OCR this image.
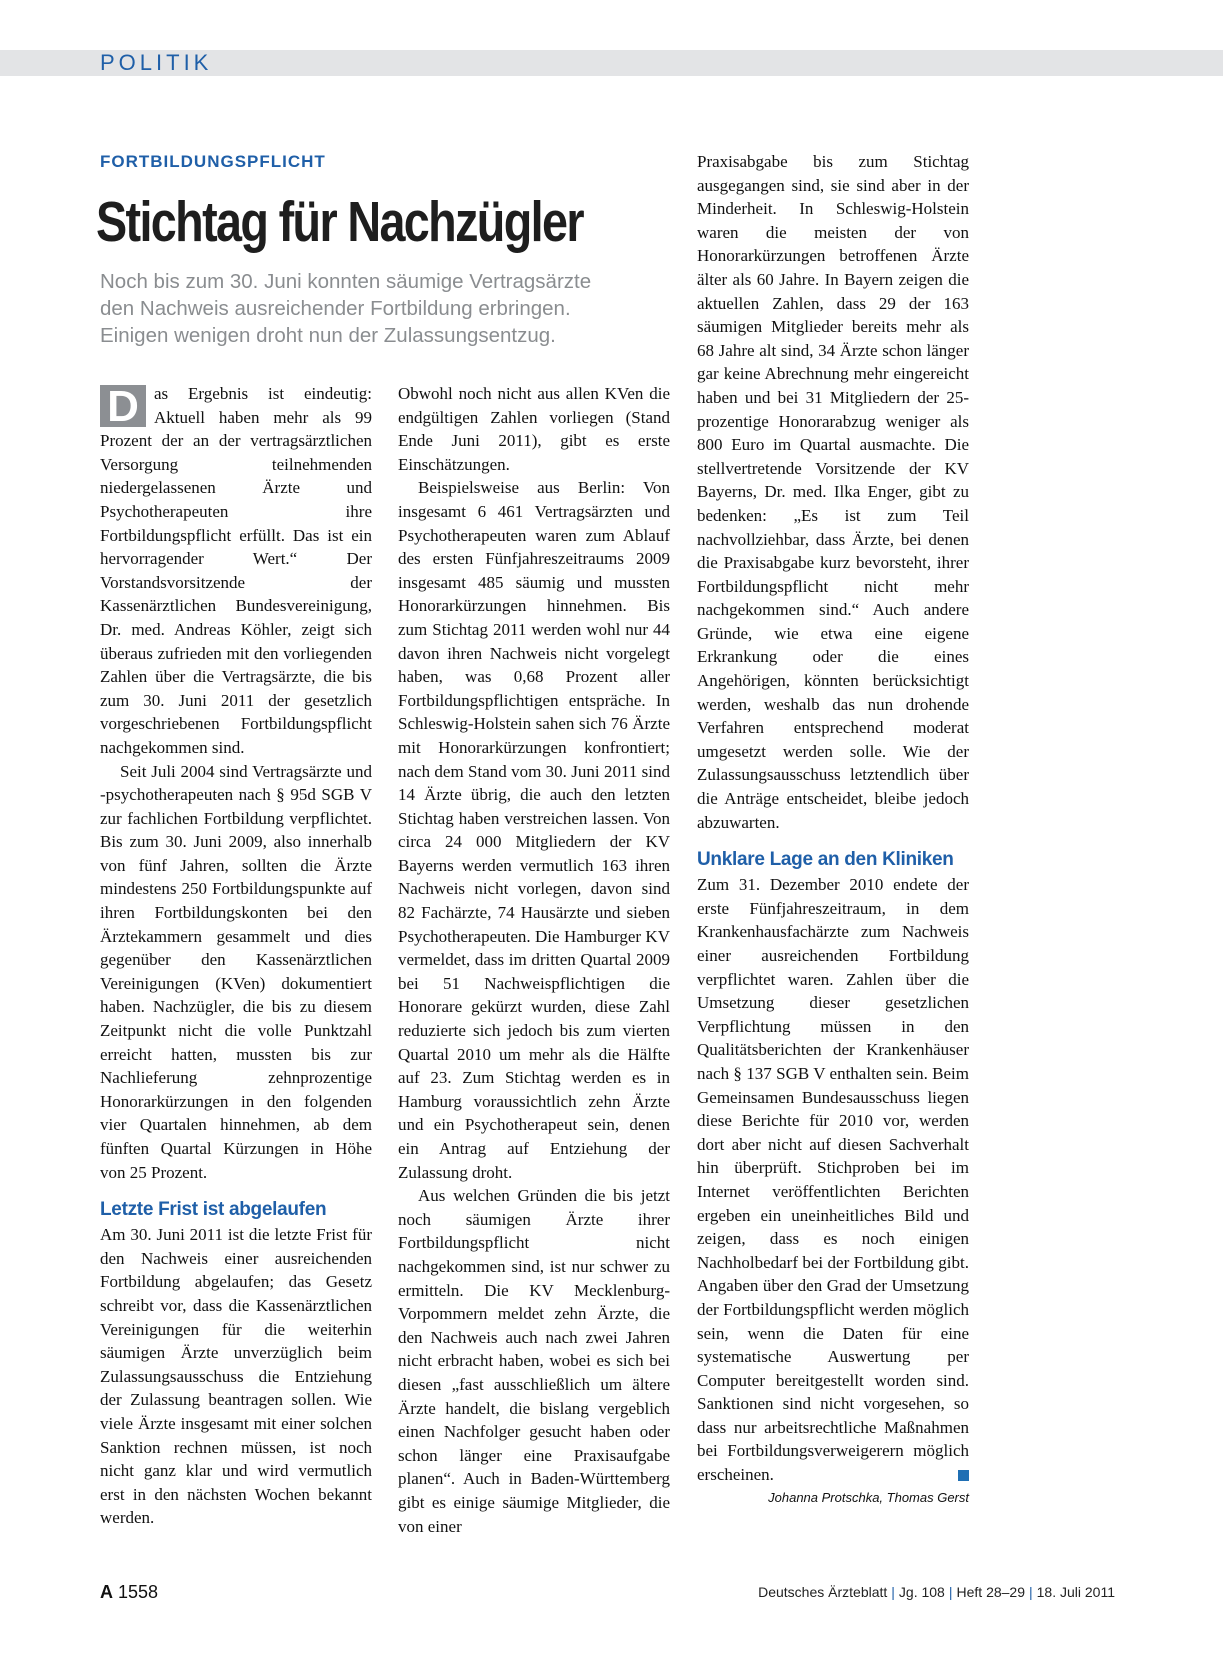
POLITIK
FORTBILDUNGSPFLICHT
Stichtag für Nachzügler
Noch bis zum 30. Juni konnten säumige Vertragsärzte
den Nachweis ausreichender Fortbildung erbringen.
Einigen wenigen droht nun der Zulassungsentzug.

D as Ergebnis ist eindeutig: Aktuell haben mehr als 99 Prozent der an der vertragsärztlichen Versorgung teilnehmenden niedergelassenen Ärzte und Psychotherapeuten ihre Fortbildungspflicht erfüllt. Das ist ein hervorragender Wert.“ Der Vorstandsvorsitzende der Kassenärztlichen Bundesvereinigung, Dr. med. Andreas Köhler, zeigt sich überaus zufrieden mit den vorliegenden Zahlen über die Vertragsärzte, die bis zum 30. Juni 2011 der gesetzlich vorgeschriebenen Fortbildungspflicht nachgekommen sind.

Seit Juli 2004 sind Vertragsärzte und -psychotherapeuten nach § 95d SGB V zur fachlichen Fortbildung verpflichtet. Bis zum 30. Juni 2009, also innerhalb von fünf Jahren, sollten die Ärzte mindestens 250 Fortbildungspunkte auf ihren Fortbildungskonten bei den Ärztekammern gesammelt und dies gegenüber den Kassenärztlichen Vereinigungen (KVen) dokumentiert haben. Nachzügler, die bis zu diesem Zeitpunkt nicht die volle Punktzahl erreicht hatten, mussten bis zur Nachlieferung zehnprozentige Honorarkürzungen in den folgenden vier Quartalen hinnehmen, ab dem fünften Quartal Kürzungen in Höhe von 25 Prozent.

Letzte Frist ist abgelaufen

Am 30. Juni 2011 ist die letzte Frist für den Nachweis einer ausreichenden Fortbildung abgelaufen; das Gesetz schreibt vor, dass die Kassenärztlichen Vereinigungen für die weiterhin säumigen Ärzte unverzüglich beim Zulassungsausschuss die Entziehung der Zulassung beantragen sollen. Wie viele Ärzte insgesamt mit einer solchen Sanktion rechnen müssen, ist noch nicht ganz klar und wird vermutlich erst in den nächsten Wochen bekannt werden.

Obwohl noch nicht aus allen KVen die endgültigen Zahlen vorliegen (Stand Ende Juni 2011), gibt es erste Einschätzungen.

Beispielsweise aus Berlin: Von insgesamt 6 461 Vertragsärzten und Psychotherapeuten waren zum Ablauf des ersten Fünfjahreszeitraums 2009 insgesamt 485 säumig und mussten Honorarkürzungen hinnehmen. Bis zum Stichtag 2011 werden wohl nur 44 davon ihren Nachweis nicht vorgelegt haben, was 0,68 Prozent aller Fortbildungspflichtigen entspräche. In Schleswig-Holstein sahen sich 76 Ärzte mit Honorarkürzungen konfrontiert; nach dem Stand vom 30. Juni 2011 sind 14 Ärzte übrig, die auch den letzten Stichtag haben verstreichen lassen. Von circa 24 000 Mitgliedern der KV Bayerns werden vermutlich 163 ihren Nachweis nicht vorlegen, davon sind 82 Fachärzte, 74 Hausärzte und sieben Psychotherapeuten. Die Hamburger KV vermeldet, dass im dritten Quartal 2009 bei 51 Nachweispflichtigen die Honorare gekürzt wurden, diese Zahl reduzierte sich jedoch bis zum vierten Quartal 2010 um mehr als die Hälfte auf 23. Zum Stichtag werden es in Hamburg voraussichtlich zehn Ärzte und ein Psychotherapeut sein, denen ein Antrag auf Entziehung der Zulassung droht.

Aus welchen Gründen die bis jetzt noch säumigen Ärzte ihrer Fortbildungspflicht nicht nachgekommen sind, ist nur schwer zu ermitteln. Die KV Mecklenburg-Vorpommern meldet zehn Ärzte, die den Nachweis auch nach zwei Jahren nicht erbracht haben, wobei es sich bei diesen „fast ausschließlich um ältere Ärzte handelt, die bislang vergeblich einen Nachfolger gesucht haben oder schon länger eine Praxisaufgabe planen“. Auch in Baden-Württemberg gibt es einige säumige Mitglieder, die von einer

Praxisabgabe bis zum Stichtag ausgegangen sind, sie sind aber in der Minderheit. In Schleswig-Holstein waren die meisten der von Honorarkürzungen betroffenen Ärzte älter als 60 Jahre. In Bayern zeigen die aktuellen Zahlen, dass 29 der 163 säumigen Mitglieder bereits mehr als 68 Jahre alt sind, 34 Ärzte schon länger gar keine Abrechnung mehr eingereicht haben und bei 31 Mitgliedern der 25-prozentige Honorarabzug weniger als 800 Euro im Quartal ausmachte. Die stellvertretende Vorsitzende der KV Bayerns, Dr. med. Ilka Enger, gibt zu bedenken: „Es ist zum Teil nachvollziehbar, dass Ärzte, bei denen die Praxisabgabe kurz bevorsteht, ihrer Fortbildungspflicht nicht mehr nachgekommen sind.“ Auch andere Gründe, wie etwa eine eigene Erkrankung oder die eines Angehörigen, könnten berücksichtigt werden, weshalb das nun drohende Verfahren entsprechend moderat umgesetzt werden solle. Wie der Zulassungsausschuss letztendlich über die Anträge entscheidet, bleibe jedoch abzuwarten.

Unklare Lage an den Kliniken

Zum 31. Dezember 2010 endete der erste Fünfjahreszeitraum, in dem Krankenhausfachärzte zum Nachweis einer ausreichenden Fortbildung verpflichtet waren. Zahlen über die Umsetzung dieser gesetzlichen Verpflichtung müssen in den Qualitätsberichten der Krankenhäuser nach § 137 SGB V enthalten sein. Beim Gemeinsamen Bundesausschuss liegen diese Berichte für 2010 vor, werden dort aber nicht auf diesen Sachverhalt hin überprüft. Stichproben bei im Internet veröffentlichten Berichten ergeben ein uneinheitliches Bild und zeigen, dass es noch einigen Nachholbedarf bei der Fortbildung gibt. Angaben über den Grad der Umsetzung der Fortbildungspflicht werden möglich sein, wenn die Daten für eine systematische Auswertung per Computer bereitgestellt worden sind. Sanktionen sind nicht vorgesehen, so dass nur arbeitsrechtliche Maßnahmen bei Fortbildungsverweigerern möglich erscheinen.

Johanna Protschka, Thomas Gerst
A 1558	Deutsches Ärzteblatt | Jg. 108 | Heft 28–29 | 18. Juli 2011
